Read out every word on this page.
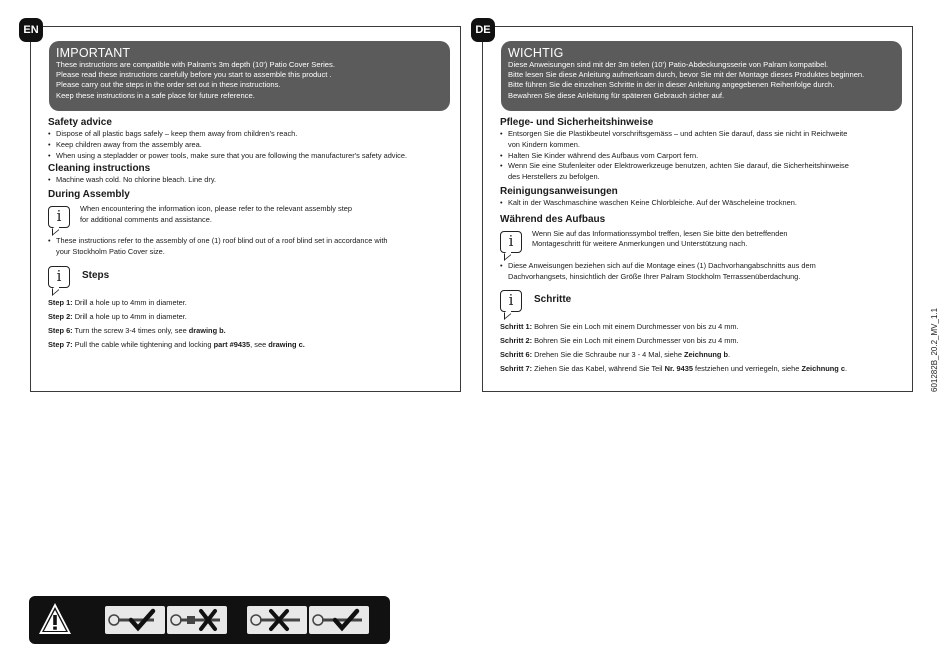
EN
IMPORTANT
These instructions are compatible with Palram's 3m depth (10') Patio Cover Series.
Please read these instructions carefully before you start to assemble this product .
Please carry out the steps in the order set out in these instructions.
Keep these instructions in a safe place for future reference.
Safety advice
• Dispose of all plastic bags safely – keep them away from children's reach.
• Keep children away from the assembly area.
• When using a stepladder or power tools, make sure that you are following the manufacturer's safety advice.
Cleaning instructions
• Machine wash cold. No chlorine bleach. Line dry.
During Assembly
i	When encountering the information icon, please refer to the relevant assembly step
for additional comments and assistance.
• These instructions refer to the assembly of one (1) roof blind out of a roof blind set in accordance with
your Stockholm Patio Cover size.
i	Steps
Step 1: Drill a hole up to 4mm in diameter.
Step 2: Drill a hole up to 4mm in diameter.
Step 6: Turn the screw 3-4 times only, see drawing b.
Step 7: Pull the cable while tightening and locking part #9435, see drawing c.
DE
WICHTIG
Diese Anweisungen sind mit der 3m tiefen (10') Patio-Abdeckungsserie von Palram kompatibel.
Bitte lesen Sie diese Anleitung aufmerksam durch, bevor Sie mit der Montage dieses Produktes beginnen.
Bitte führen Sie die einzelnen Schritte in der in dieser Anleitung angegebenen Reihenfolge durch.
Bewahren Sie diese Anleitung für späteren Gebrauch sicher auf.
Pflege- und Sicherheitshinweise
• Entsorgen Sie die Plastikbeutel vorschriftsgemäss – und achten Sie darauf, dass sie nicht in Reichweite
von Kindern kommen.
• Halten Sie Kinder während des Aufbaus vom Carport fern.
• Wenn Sie eine Stufenleiter oder Elektrowerkzeuge benutzen, achten Sie darauf, die Sicherheitshinweise
des Herstellers zu befolgen.
Reinigungsanweisungen
• Kalt in der Waschmaschine waschen Keine Chlorbleiche. Auf der Wäscheleine trocknen.
Während des Aufbaus
i	Wenn Sie auf das Informationssymbol treffen, lesen Sie bitte den betreffenden
Montageschritt für weitere Anmerkungen und Unterstützung nach.
• Diese Anweisungen beziehen sich auf die Montage eines (1) Dachvorhangabschnitts aus dem
Dachvorhangsets, hinsichtlich der Größe Ihrer Palram Stockholm Terrassenüberdachung.
i	Schritte
Schritt 1: Bohren Sie ein Loch mit einem Durchmesser von bis zu 4 mm.
Schritt 2: Bohren Sie ein Loch mit einem Durchmesser von bis zu 4 mm.
Schritt 6: Drehen Sie die Schraube nur 3 - 4 Mal, siehe Zeichnung b.
Schritt 7: Ziehen Sie das Kabel, während Sie Teil Nr. 9435 festziehen und verriegeln, siehe Zeichnung c.	601282B_20.2_MV_1.1
